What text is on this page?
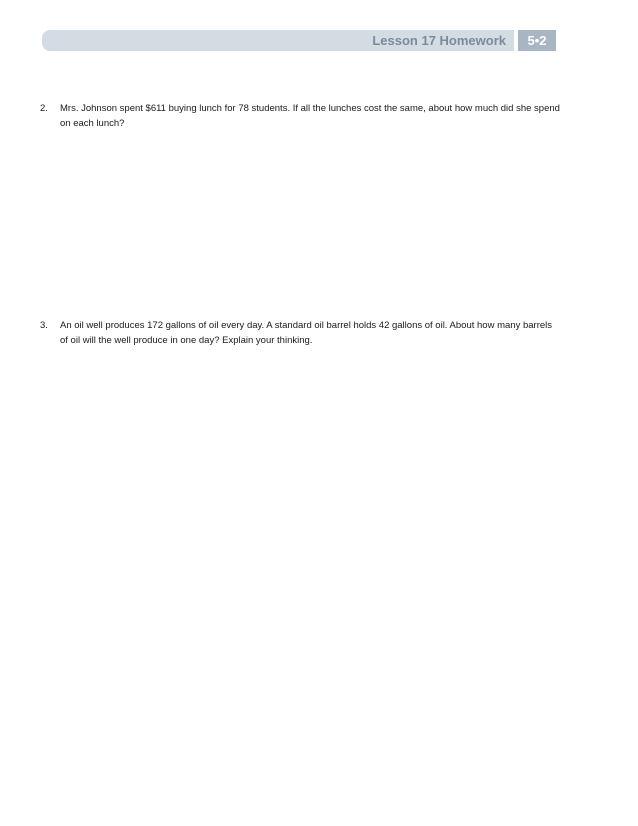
Lesson 17 Homework	5•2
2. Mrs. Johnson spent $611 buying lunch for 78 students. If all the lunches cost the same, about how much did she spend on each lunch?
3. An oil well produces 172 gallons of oil every day. A standard oil barrel holds 42 gallons of oil. About how many barrels of oil will the well produce in one day? Explain your thinking.
